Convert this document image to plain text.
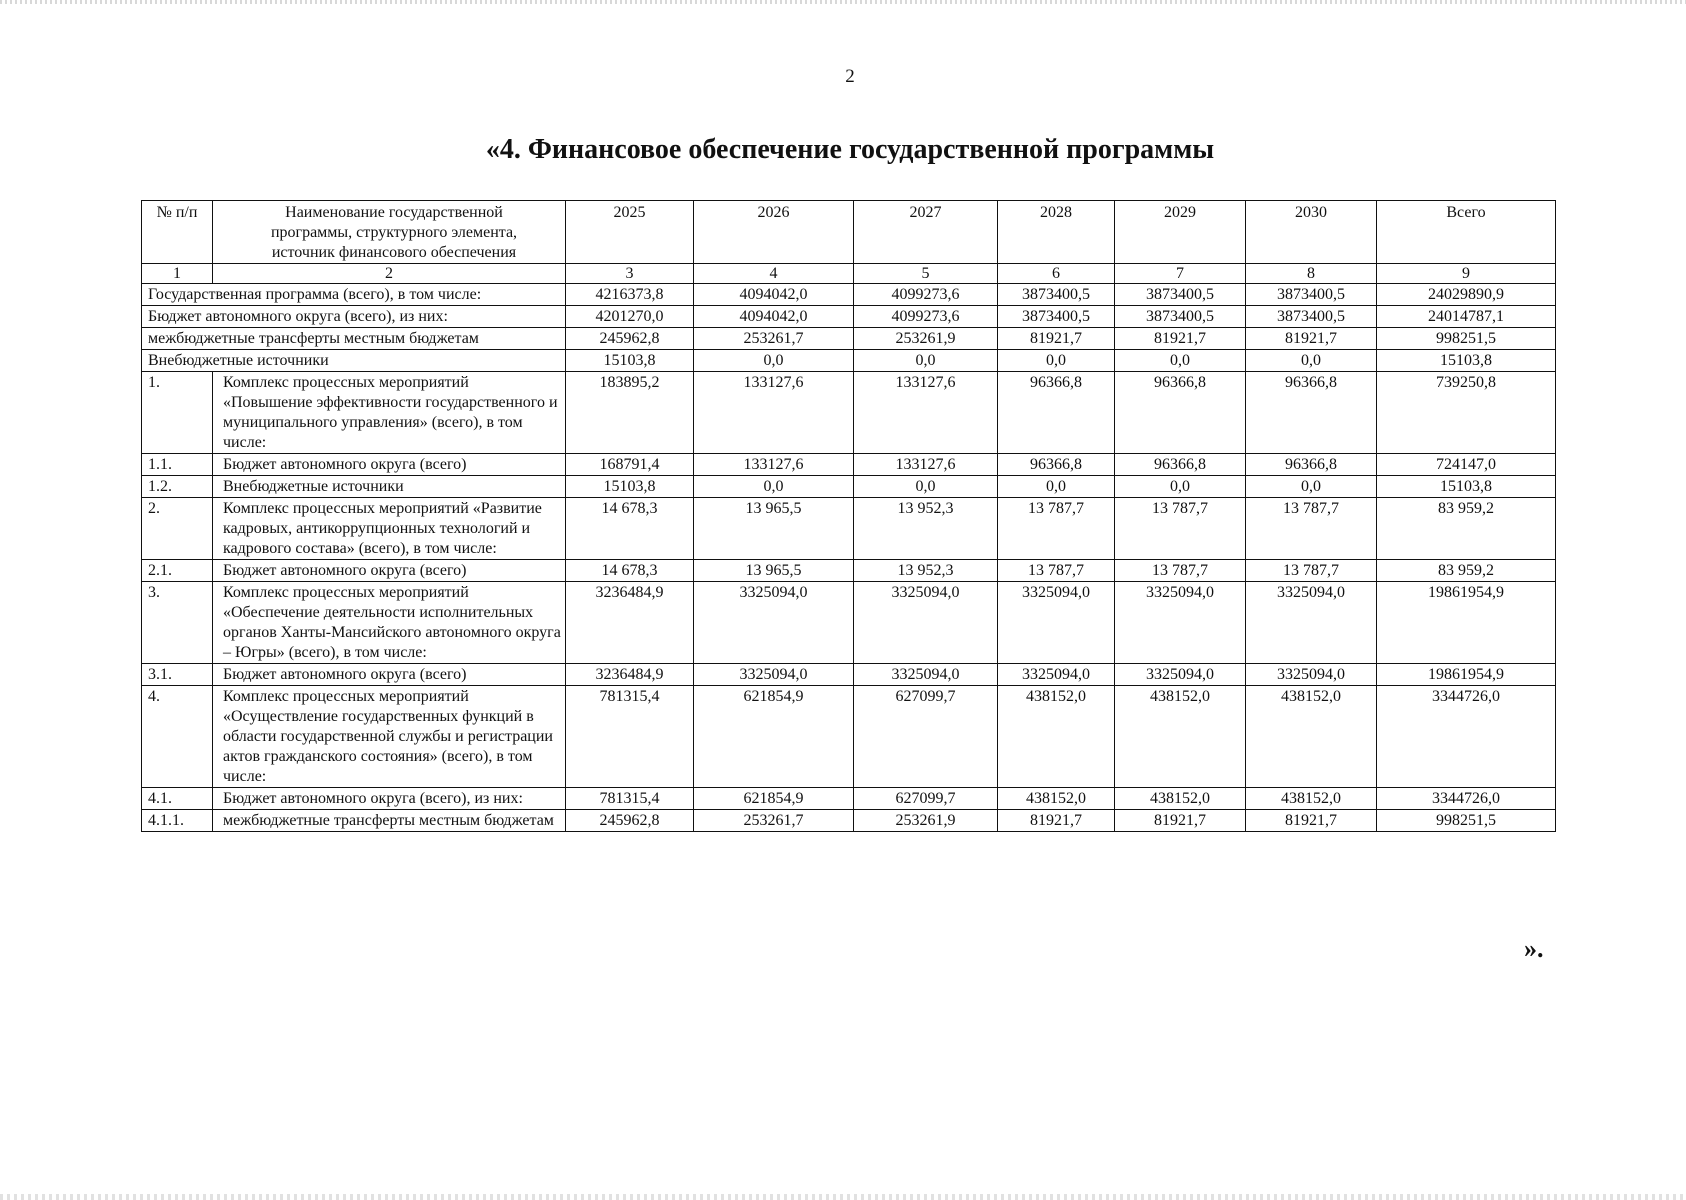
2
«4. Финансовое обеспечение государственной программы
№ п/п	Наименование государственной программы, структурного элемента, источник финансового обеспечения	2025	2026	2027	2028	2029	2030	Всего
1	2	3	4	5	6	7	8	9
Государственная программа (всего), в том числе:		4216373,8	4094042,0	4099273,6	3873400,5	3873400,5	3873400,5	24029890,9
Бюджет автономного округа (всего), из них:		4201270,0	4094042,0	4099273,6	3873400,5	3873400,5	3873400,5	24014787,1
межбюджетные трансферты местным бюджетам		245962,8	253261,7	253261,9	81921,7	81921,7	81921,7	998251,5
Внебюджетные источники		15103,8	0,0	0,0	0,0	0,0	0,0	15103,8
1.	Комплекс процессных мероприятий «Повышение эффективности государственного и муниципального управления» (всего), в том числе:	183895,2	133127,6	133127,6	96366,8	96366,8	96366,8	739250,8
1.1.	Бюджет автономного округа (всего)	168791,4	133127,6	133127,6	96366,8	96366,8	96366,8	724147,0
1.2.	Внебюджетные источники	15103,8	0,0	0,0	0,0	0,0	0,0	15103,8
2.	Комплекс процессных мероприятий «Развитие кадровых, антикоррупционных технологий и кадрового состава» (всего), в том числе:	14 678,3	13 965,5	13 952,3	13 787,7	13 787,7	13 787,7	83 959,2
2.1.	Бюджет автономного округа (всего)	14 678,3	13 965,5	13 952,3	13 787,7	13 787,7	13 787,7	83 959,2
3.	Комплекс процессных мероприятий «Обеспечение деятельности исполнительных органов Ханты-Мансийского автономного округа – Югры» (всего), в том числе:	3236484,9	3325094,0	3325094,0	3325094,0	3325094,0	3325094,0	19861954,9
3.1.	Бюджет автономного округа (всего)	3236484,9	3325094,0	3325094,0	3325094,0	3325094,0	3325094,0	19861954,9
4.	Комплекс процессных мероприятий «Осуществление государственных функций в области государственной службы и регистрации актов гражданского состояния» (всего), в том числе:	781315,4	621854,9	627099,7	438152,0	438152,0	438152,0	3344726,0
4.1.	Бюджет автономного округа (всего), из них:	781315,4	621854,9	627099,7	438152,0	438152,0	438152,0	3344726,0
4.1.1.	межбюджетные трансферты местным бюджетам	245962,8	253261,7	253261,9	81921,7	81921,7	81921,7	998251,5
».
